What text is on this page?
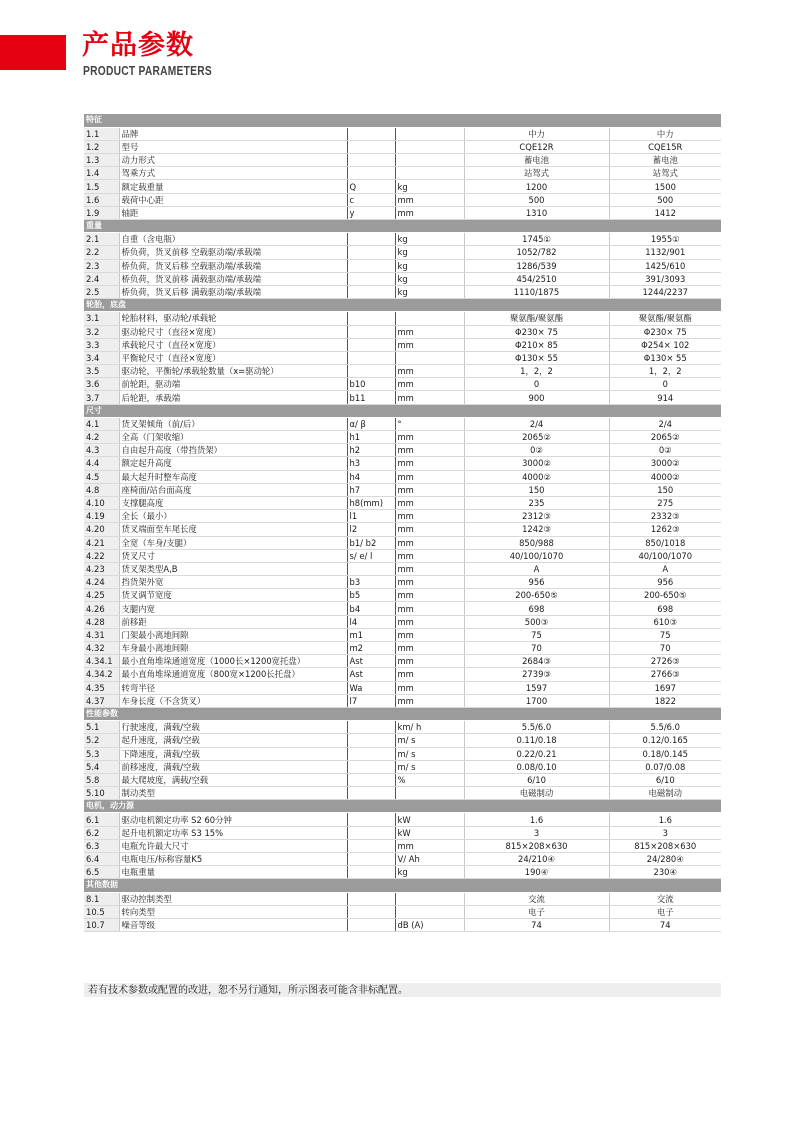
产品参数
PRODUCT PARAMETERS
特征					
1.1	品牌			中力	中力
1.2	型号			CQE12R	CQE15R
1.3	动力形式			蓄电池	蓄电池
1.4	驾乘方式			站驾式	站驾式
1.5	额定载重量	Q	kg	1200	1500
1.6	载荷中心距	c	mm	500	500
1.9	轴距	y	mm	1310	1412
重量					
2.1	自重（含电瓶）		kg	1745①	1955①
2.2	桥负荷，货叉前移 空载驱动端/承载端		kg	1052/782	1132/901
2.3	桥负荷，货叉后移 空载驱动端/承载端		kg	1286/539	1425/610
2.4	桥负荷，货叉前移 满载驱动端/承载端		kg	454/2510	391/3093
2.5	桥负荷，货叉后移 满载驱动端/承载端		kg	1110/1875	1244/2237
轮胎，底盘					
3.1	轮胎材料，驱动轮/承载轮			聚氨酯/聚氨酯	聚氨酯/聚氨酯
3.2	驱动轮尺寸（直径×宽度）		mm	Φ230× 75	Φ230× 75
3.3	承载轮尺寸（直径×宽度）		mm	Φ210× 85	Φ254× 102
3.4	平衡轮尺寸（直径×宽度）			Φ130× 55	Φ130× 55
3.5	驱动轮，平衡轮/承载轮数量（x=驱动轮）		mm	1，2，2	1，2，2
3.6	前轮距，驱动端	b10	mm	0	0
3.7	后轮距，承载端	b11	mm	900	914
尺寸					
4.1	货叉架倾角（前/后）	α/ β	°	2/4	2/4
4.2	全高（门架收缩）	h1	mm	2065②	2065②
4.3	自由起升高度（带挡货架）	h2	mm	0②	0②
4.4	额定起升高度	h3	mm	3000②	3000②
4.5	最大起升时整车高度	h4	mm	4000②	4000②
4.8	座椅面/站台面高度	h7	mm	150	150
4.10	支撑腿高度	h8(mm)	mm	235	275
4.19	全长（最小）	l1	mm	2312③	2332③
4.20	货叉端面至车尾长度	l2	mm	1242③	1262③
4.21	全宽（车身/支腿）	b1/ b2	mm	850/988	850/1018
4.22	货叉尺寸	s/ e/ l	mm	40/100/1070	40/100/1070
4.23	货叉架类型A,B		mm	A	A
4.24	挡货架外宽	b3	mm	956	956
4.25	货叉调节宽度	b5	mm	200-650⑤	200-650⑤
4.26	支腿内宽	b4	mm	698	698
4.28	前移距	l4	mm	500③	610③
4.31	门架最小离地间隙	m1	mm	75	75
4.32	车身最小离地间隙	m2	mm	70	70
4.34.1	最小直角堆垛通道宽度（1000长×1200宽托盘）	Ast	mm	2684③	2726③
4.34.2	最小直角堆垛通道宽度（800宽×1200长托盘）	Ast	mm	2739③	2766③
4.35	转弯半径	Wa	mm	1597	1697
4.37	车身长度（不含货叉）	l7	mm	1700	1822
性能参数					
5.1	行驶速度，满载/空载		km/ h	5.5/6.0	5.5/6.0
5.2	起升速度，满载/空载		m/ s	0.11/0.18	0.12/0.165
5.3	下降速度，满载/空载		m/ s	0.22/0.21	0.18/0.145
5.4	前移速度，满载/空载		m/ s	0.08/0.10	0.07/0.08
5.8	最大爬坡度，满载/空载		%	6/10	6/10
5.10	制动类型			电磁制动	电磁制动
电机，动力源					
6.1	驱动电机额定功率 S2 60分钟		kW	1.6	1.6
6.2	起升电机额定功率 S3 15%		kW	3	3
6.3	电瓶允许最大尺寸		mm	815×208×630	815×208×630
6.4	电瓶电压/标称容量K5		V/ Ah	24/210④	24/280④
6.5	电瓶重量		kg	190④	230④
其他数据					
8.1	驱动控制类型			交流	交流
10.5	转向类型			电子	电子
10.7	噪音等级		dB (A)	74	74
若有技术参数或配置的改进，恕不另行通知，所示图表可能含非标配置。
